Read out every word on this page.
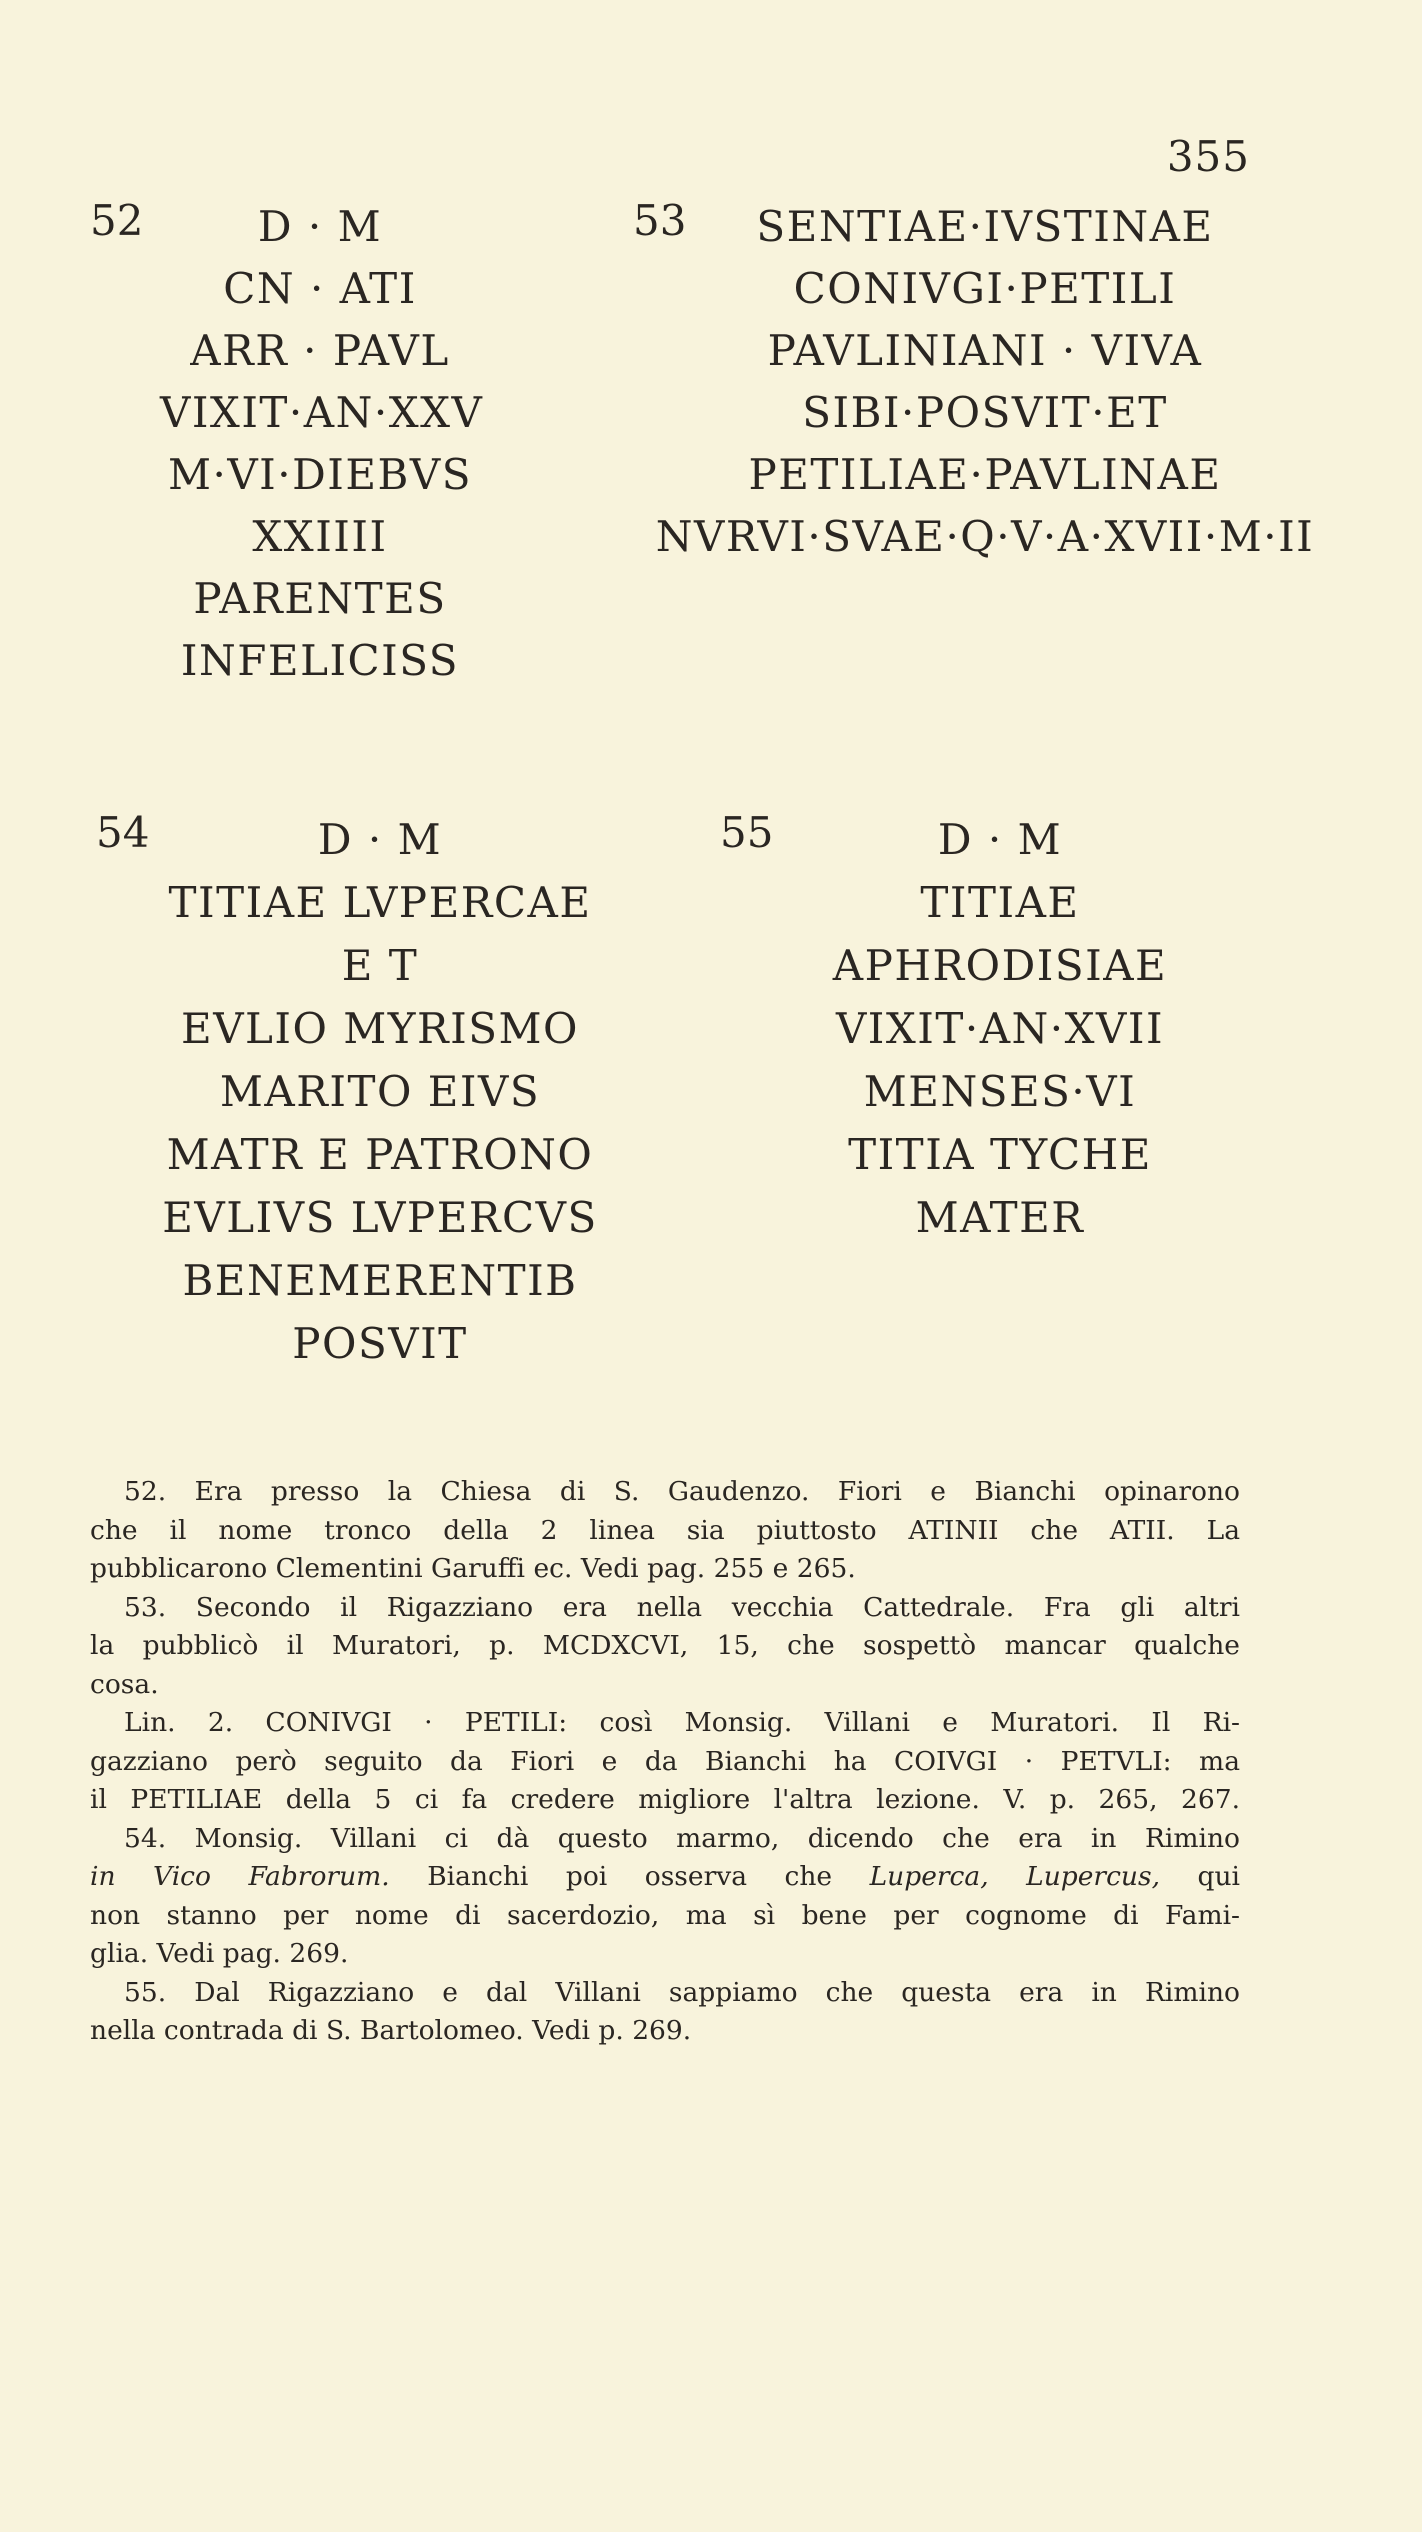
355
52	D · M
CN · ATI
ARR · PAVL
VIXIT·AN·XXV
M·VI·DIEBVS
XXIIII
PARENTES
INFELICISS
53	SENTIAE·IVSTINAE
CONIVGI·PETILI
PAVLINIANI · VIVA
SIBI·POSVIT·ET
PETILIAE·PAVLINAE
NVRVI·SVAE·Q·V·A·XVII·M·II
54	D · M
TITIAE LVPERCAE
E T
EVLIO MYRISMO
MARITO EIVS
MATR E PATRONO
EVLIVS LVPERCVS
BENEMERENTIB
POSVIT
55	D · M
TITIAE
APHRODISIAE
VIXIT·AN·XVII
MENSES·VI
TITIA TYCHE
MATER

52. Era presso la Chiesa di S. Gaudenzo. Fiori e Bianchi opinarono
che il nome tronco della 2 linea sia piuttosto ATINII che ATII. La
pubblicarono Clementini Garuffi ec. Vedi pag. 255 e 265.

53. Secondo il Rigazziano era nella vecchia Cattedrale. Fra gli altri
la pubblicò il Muratori, p. MCDXCVI, 15, che sospettò mancar qualche
cosa.

Lin. 2. CONIVGI · PETILI: così Monsig. Villani e Muratori. Il Ri-
gazziano però seguito da Fiori e da Bianchi ha COIVGI · PETVLI: ma
il PETILIAE della 5 ci fa credere migliore l'altra lezione. V. p. 265, 267.

54. Monsig. Villani ci dà questo marmo, dicendo che era in Rimino
in Vico Fabrorum. Bianchi poi osserva che Luperca, Lupercus, qui
non stanno per nome di sacerdozio, ma sì bene per cognome di Fami-
glia. Vedi pag. 269.

55. Dal Rigazziano e dal Villani sappiamo che questa era in Rimino
nella contrada di S. Bartolomeo. Vedi p. 269.
